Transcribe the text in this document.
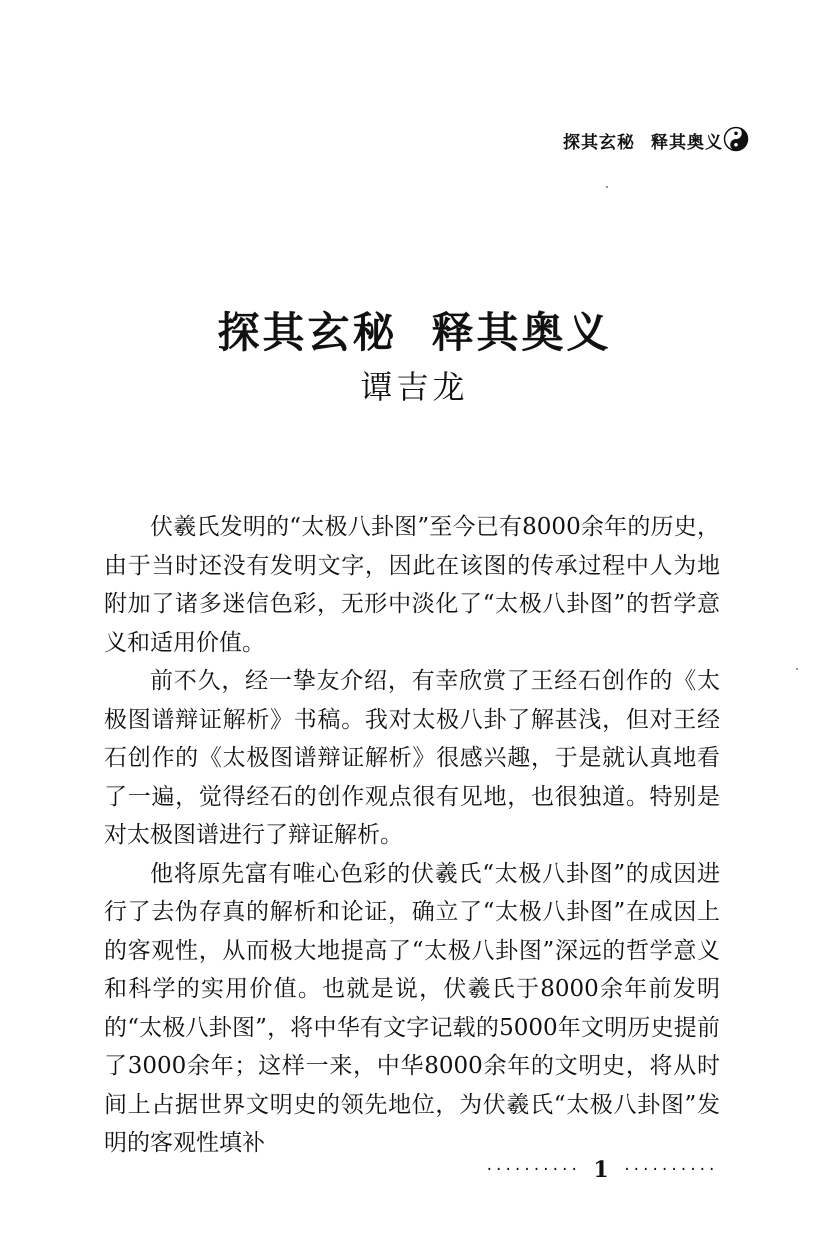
探其玄秘 释其奥义
探其玄秘 释其奥义
谭吉龙

伏羲氏发明的“太极八卦图”至今已有8000余年的历史，由于当时还没有发明文字，因此在该图的传承过程中人为地附加了诸多迷信色彩，无形中淡化了“太极八卦图”的哲学意义和适用价值。

前不久，经一挚友介绍，有幸欣赏了王经石创作的《太极图谱辩证解析》书稿。我对太极八卦了解甚浅，但对王经石创作的《太极图谱辩证解析》很感兴趣，于是就认真地看了一遍，觉得经石的创作观点很有见地，也很独道。特别是对太极图谱进行了辩证解析。

他将原先富有唯心色彩的伏羲氏“太极八卦图”的成因进行了去伪存真的解析和论证，确立了“太极八卦图”在成因上的客观性，从而极大地提高了“太极八卦图”深远的哲学意义和科学的实用价值。也就是说，伏羲氏于8000余年前发明的“太极八卦图”，将中华有文字记载的5000年文明历史提前了3000余年；这样一来，中华8000余年的文明史，将从时间上占据世界文明史的领先地位，为伏羲氏“太极八卦图”发明的客观性填补

·········· 1 ··········
